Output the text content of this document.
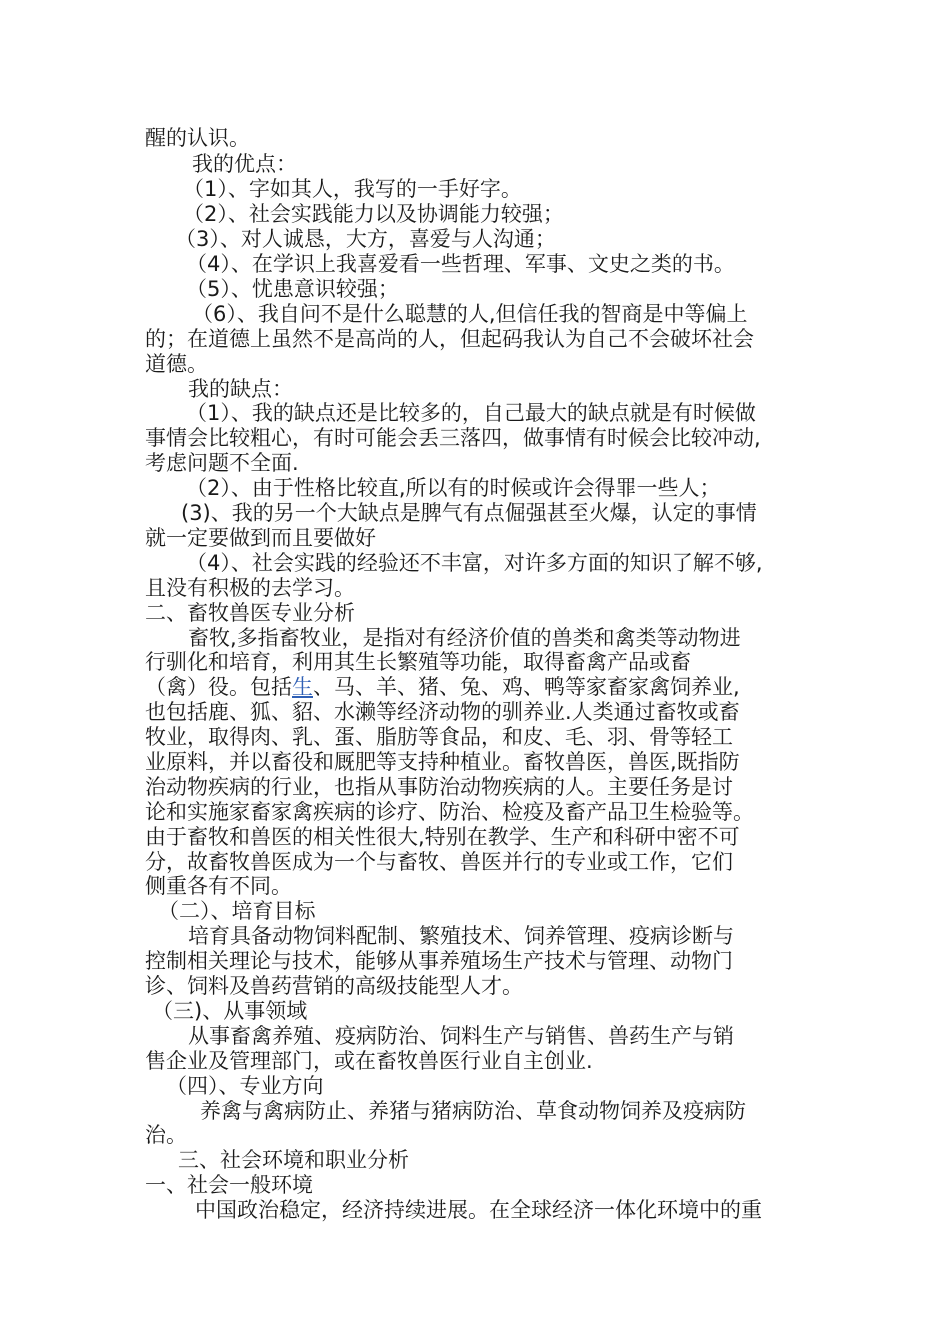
醒的认识。
我的优点：
（1）、字如其人，我写的一手好字。
（2）、社会实践能力以及协调能力较强；
（3）、对人诚恳，大方，喜爱与人沟通；
（4）、在学识上我喜爱看一些哲理、军事、文史之类的书。
（5）、忧患意识较强；
（6）、我自问不是什么聪慧的人,但信任我的智商是中等偏上
的；在道德上虽然不是高尚的人，但起码我认为自己不会破坏社会
道德。
我的缺点：
（1）、我的缺点还是比较多的，自己最大的缺点就是有时候做
事情会比较粗心，有时可能会丢三落四，做事情有时候会比较冲动,
考虑问题不全面.
（2）、由于性格比较直,所以有的时候或许会得罪一些人；
(3)、我的另一个大缺点是脾气有点倔强甚至火爆，认定的事情
就一定要做到而且要做好
（4）、社会实践的经验还不丰富，对许多方面的知识了解不够,
且没有积极的去学习。
二、畜牧兽医专业分析
畜牧,多指畜牧业，是指对有经济价值的兽类和禽类等动物进
行驯化和培育，利用其生长繁殖等功能，取得畜禽产品或畜
（禽）役。包括生、马、羊、猪、兔、鸡、鸭等家畜家禽饲养业,
也包括鹿、狐、貂、水濑等经济动物的驯养业.人类通过畜牧或畜
牧业，取得肉、乳、蛋、脂肪等食品，和皮、毛、羽、骨等轻工
业原料，并以畜役和厩肥等支持种植业。畜牧兽医，兽医,既指防
治动物疾病的行业，也指从事防治动物疾病的人。主要任务是讨
论和实施家畜家禽疾病的诊疗、防治、检疫及畜产品卫生检验等。
由于畜牧和兽医的相关性很大,特别在教学、生产和科研中密不可
分，故畜牧兽医成为一个与畜牧、兽医并行的专业或工作，它们
侧重各有不同。
（二）、培育目标
培育具备动物饲料配制、繁殖技术、饲养管理、疫病诊断与
控制相关理论与技术，能够从事养殖场生产技术与管理、动物门
诊、饲料及兽药营销的高级技能型人才。
（三)、从事领域
从事畜禽养殖、疫病防治、饲料生产与销售、兽药生产与销
售企业及管理部门，或在畜牧兽医行业自主创业.
（四）、专业方向
养禽与禽病防止、养猪与猪病防治、草食动物饲养及疫病防
治。
三、社会环境和职业分析
一、社会一般环境
中国政治稳定，经济持续进展。在全球经济一体化环境中的重
